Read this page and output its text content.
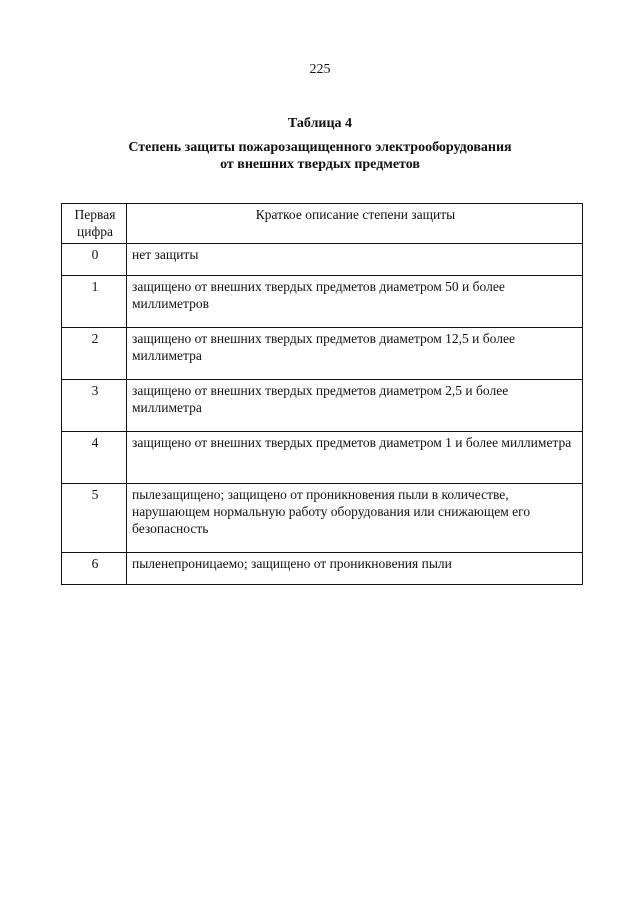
225
Таблица 4
Степень защиты пожарозащищенного электрооборудования
от внешних твердых предметов
Первая
цифра	Краткое описание степени защиты
0	нет защиты
1	защищено от внешних твердых предметов диаметром 50 и более миллиметров
2	защищено от внешних твердых предметов диаметром 12,5 и более миллиметра
3	защищено от внешних твердых предметов диаметром 2,5 и более миллиметра
4	защищено от внешних твердых предметов диаметром 1 и более миллиметра
5	пылезащищено; защищено от проникновения пыли в количестве, нарушающем нормальную работу оборудования или снижающем его безопасность
6	пыленепроницаемо; защищено от проникновения пыли
